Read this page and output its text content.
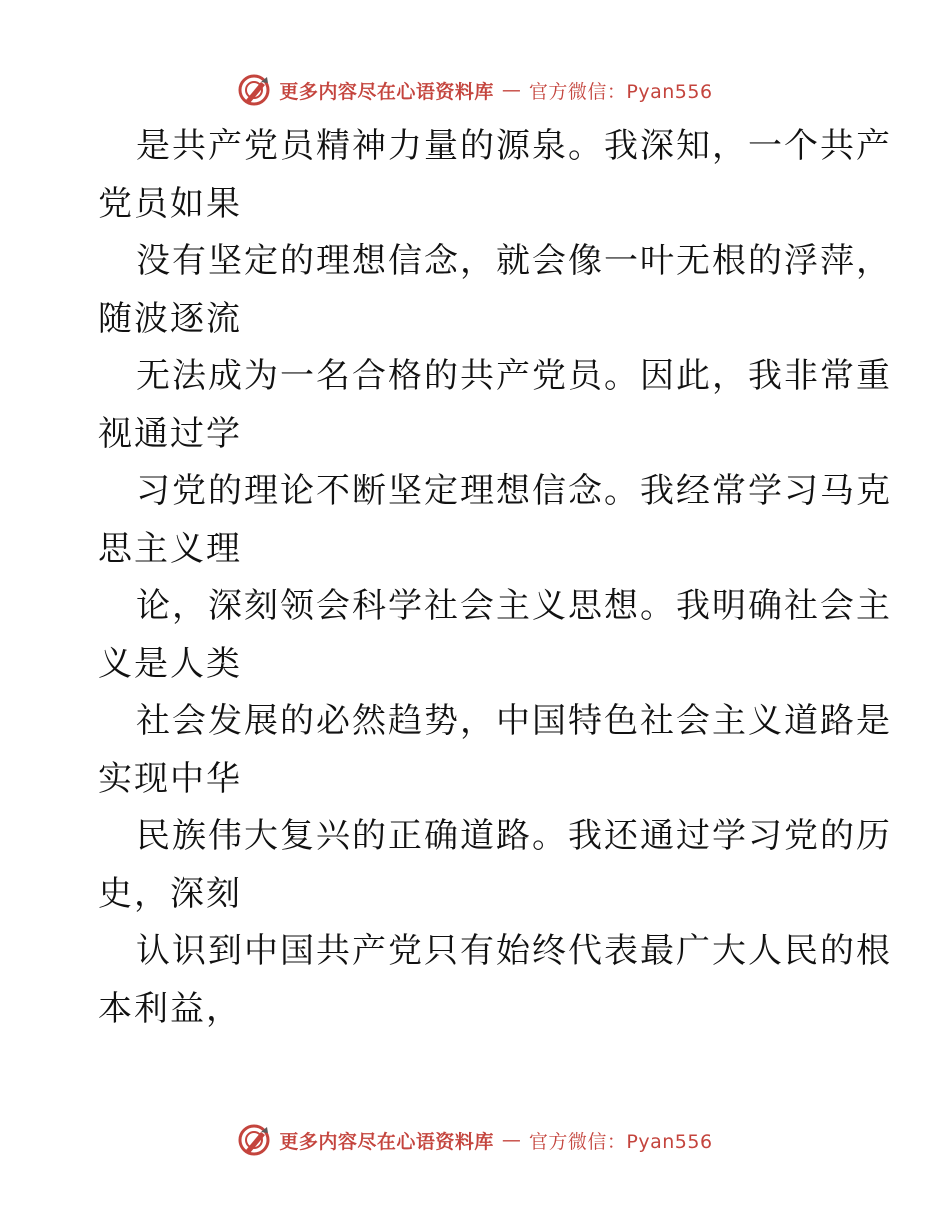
更多内容尽在心语资料库 — 官方微信：Pyan556
是共产党员精神力量的源泉。我深知，一个共产
党员如果
没有坚定的理想信念，就会像一叶无根的浮萍，
随波逐流
无法成为一名合格的共产党员。因此，我非常重
视通过学
习党的理论不断坚定理想信念。我经常学习马克
思主义理
论，深刻领会科学社会主义思想。我明确社会主
义是人类
社会发展的必然趋势，中国特色社会主义道路是
实现中华
民族伟大复兴的正确道路。我还通过学习党的历
史，深刻
认识到中国共产党只有始终代表最广大人民的根
本利益，
更多内容尽在心语资料库 — 官方微信：Pyan556
